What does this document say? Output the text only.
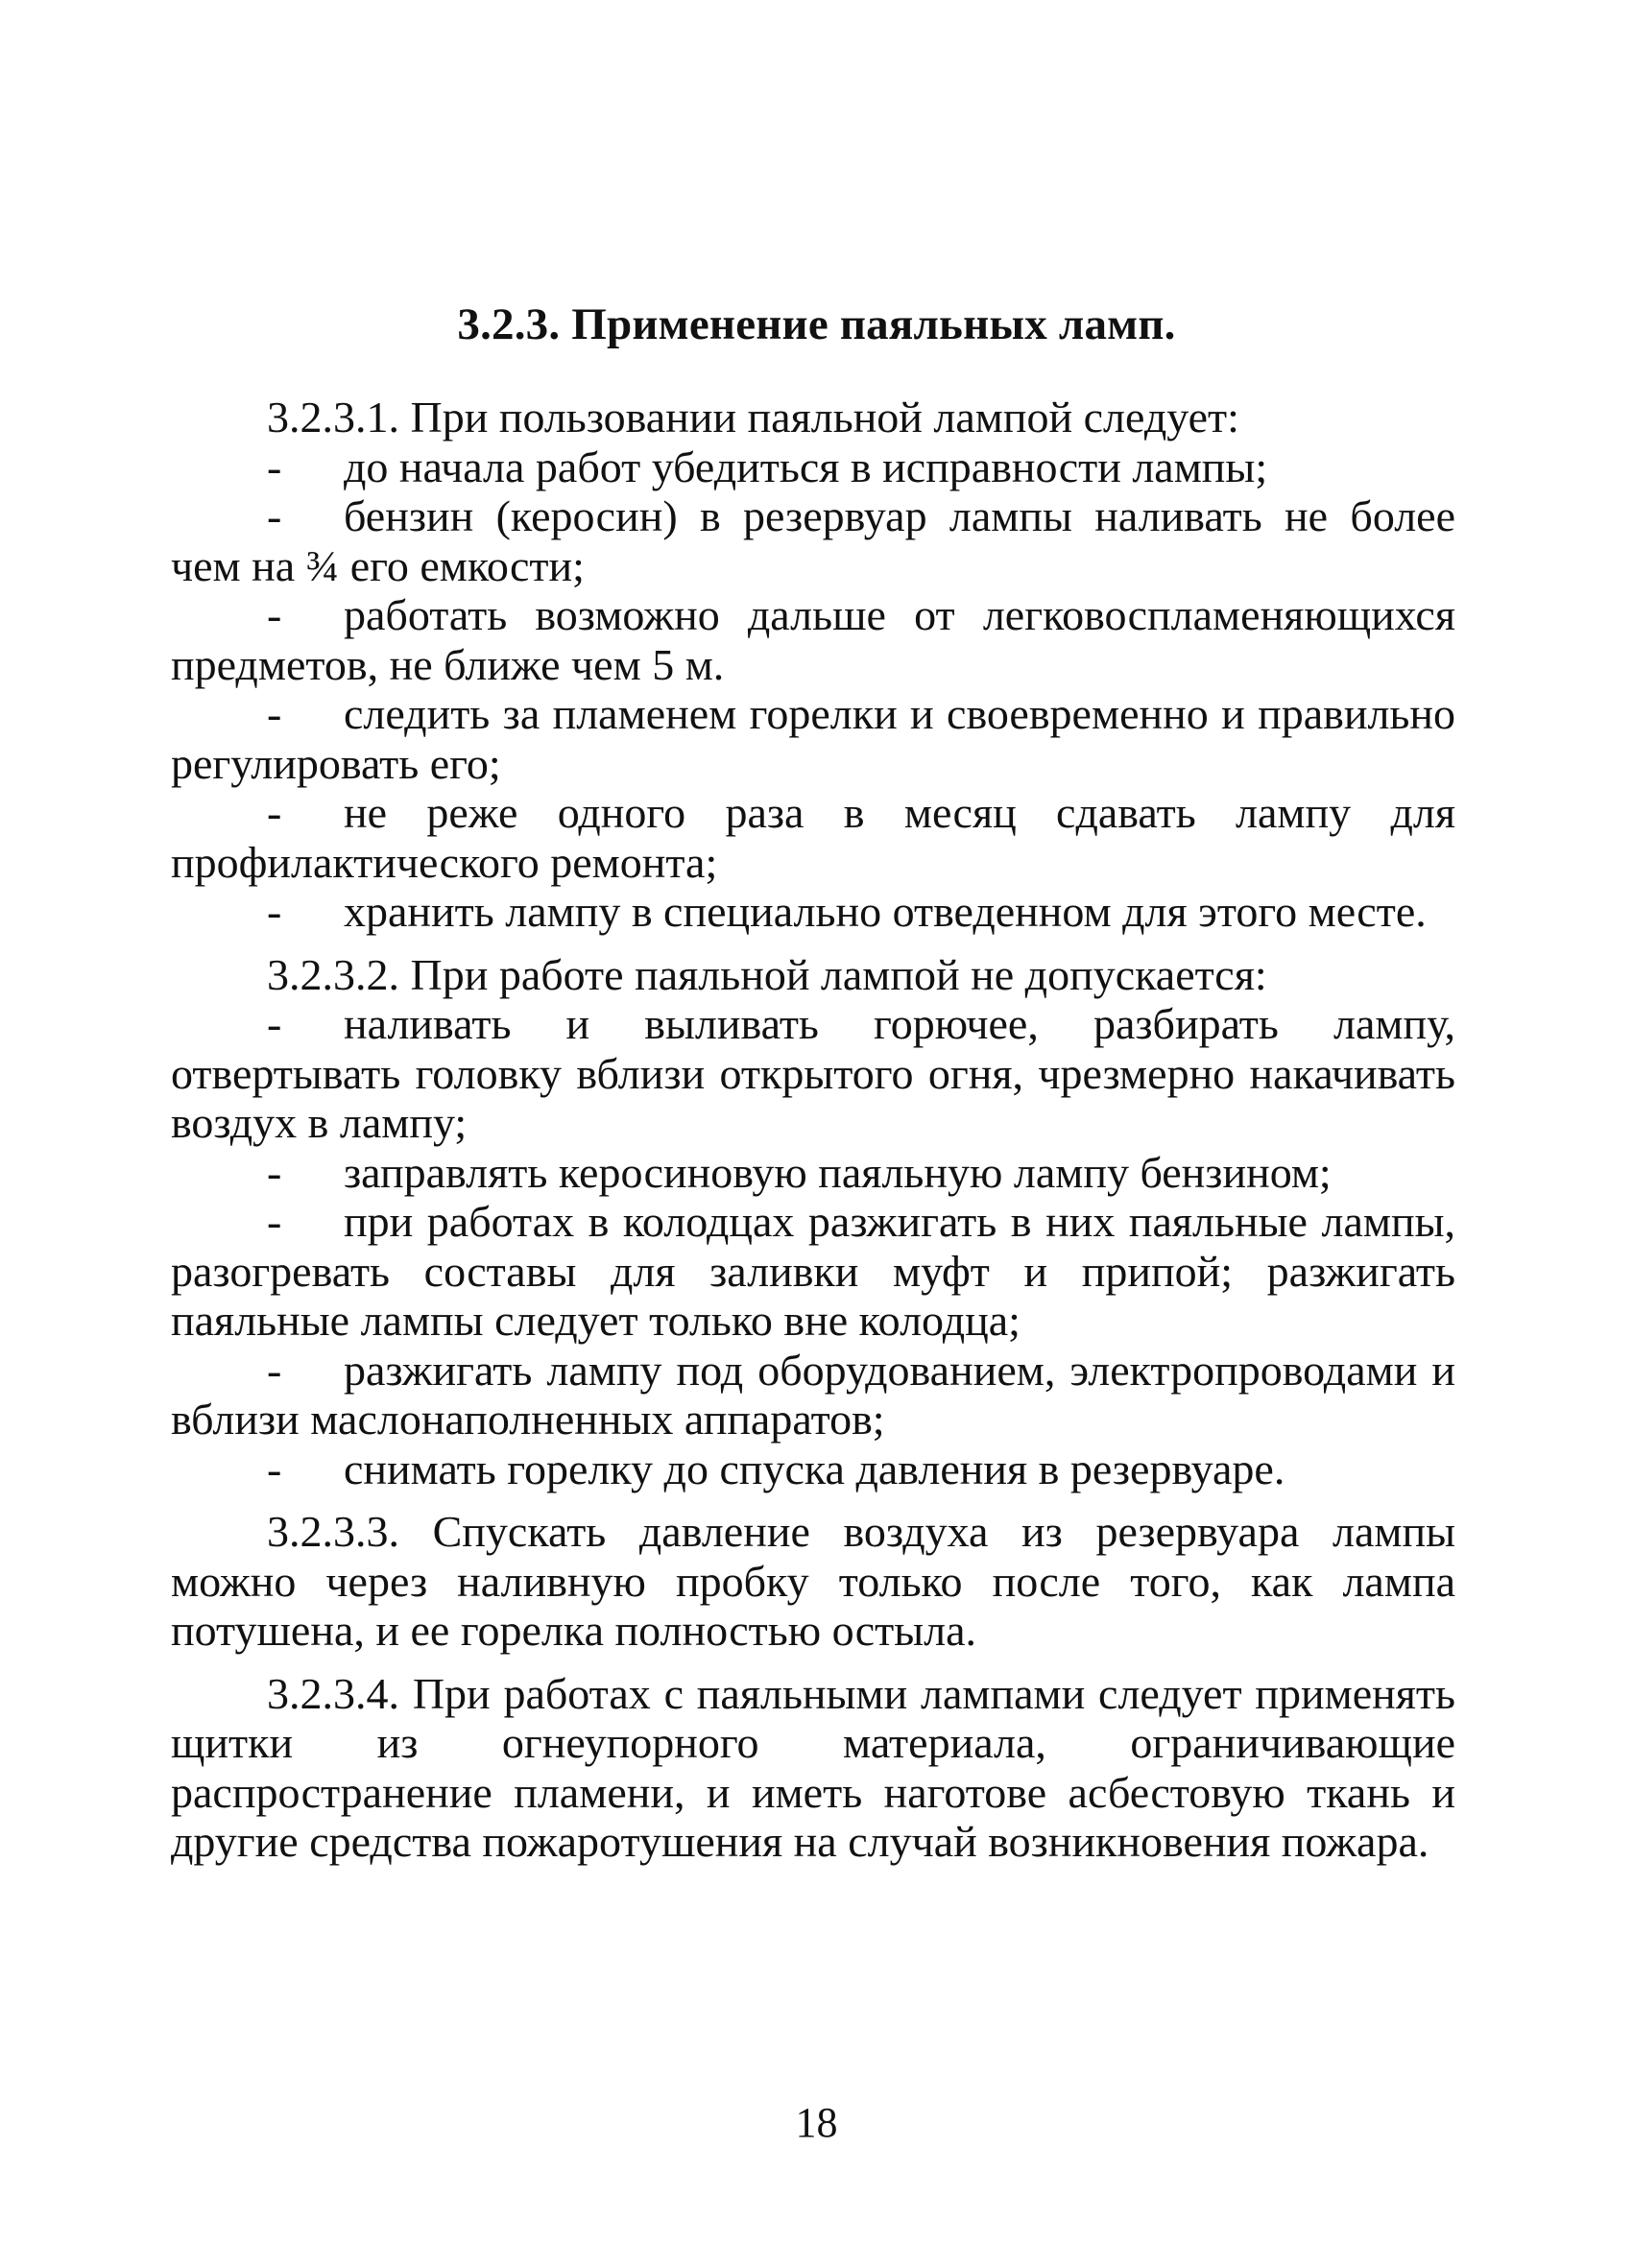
3.2.3. Применение паяльных ламп.

3.2.3.1. При пользовании паяльной лампой следует:

- до начала работ убедиться в исправности лампы;

- бензин (керосин) в резервуар лампы наливать не более чем на ¾ его емкости;

- работать возможно дальше от легковоспламеняющихся предметов, не ближе чем 5 м.

- следить за пламенем горелки и своевременно и правильно регулировать его;

- не реже одного раза в месяц сдавать лампу для профилактического ремонта;

- хранить лампу в специально отведенном для этого месте.

3.2.3.2. При работе паяльной лампой не допускается:

- наливать и выливать горючее, разбирать лампу, отвертывать головку вблизи открытого огня, чрезмерно накачивать воздух в лампу;

- заправлять керосиновую паяльную лампу бензином;

- при работах в колодцах разжигать в них паяльные лампы, разогревать составы для заливки муфт и припой; разжигать паяльные лампы следует только вне колодца;

- разжигать лампу под оборудованием, электропроводами и вблизи маслонаполненных аппаратов;

- снимать горелку до спуска давления в резервуаре.

3.2.3.3. Спускать давление воздуха из резервуара лампы можно через наливную пробку только после того, как лампа потушена, и ее горелка полностью остыла.

3.2.3.4. При работах с паяльными лампами следует применять щитки из огнеупорного материала, ограничивающие распространение пламени, и иметь наготове асбестовую ткань и другие средства пожаротушения на случай возникновения пожара.

18
